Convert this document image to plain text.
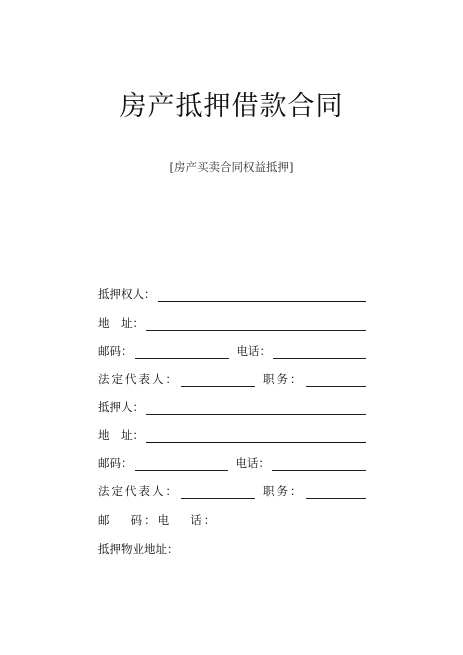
房产抵押借款合同
[房产买卖合同权益抵押]
抵押权人：
地　址：
邮码：	电话：
法定代表人：	职务：
抵押人：
地　址：
邮码：	电话：
法定代表人：	职务：
邮　 码：电　 话：
抵押物业地址：
